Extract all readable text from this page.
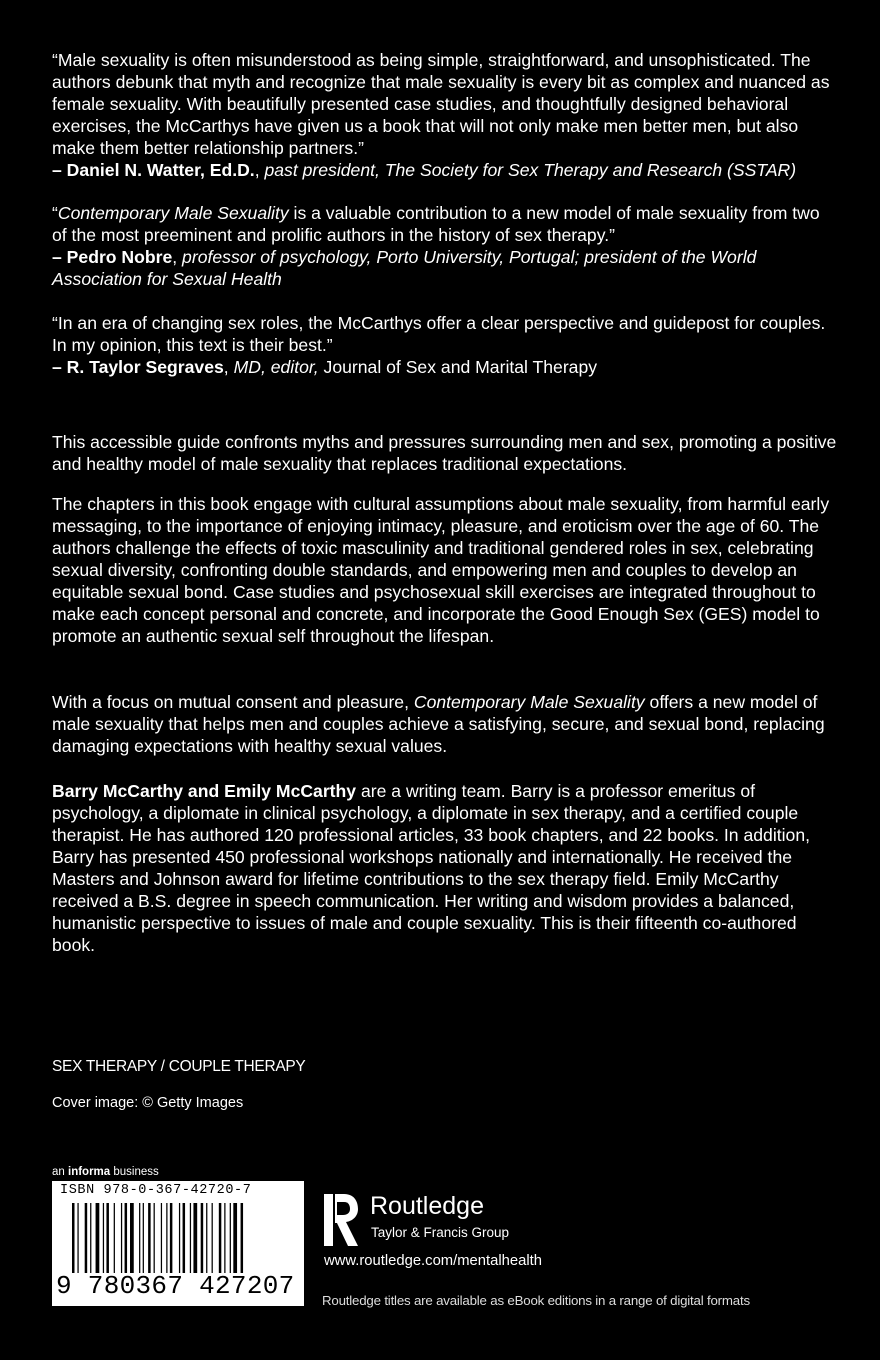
“Male sexuality is often misunderstood as being simple, straightforward, and unsophisticated. The authors debunk that myth and recognize that male sexuality is every bit as complex and nuanced as female sexuality. With beautifully presented case studies, and thoughtfully designed behavioral exercises, the McCarthys have given us a book that will not only make men better men, but also make them better relationship partners.”

– Daniel N. Watter, Ed.D., past president, The Society for Sex Therapy and Research (SSTAR)

“Contemporary Male Sexuality is a valuable contribution to a new model of male sexuality from two of the most preeminent and prolific authors in the history of sex therapy.”

– Pedro Nobre, professor of psychology, Porto University, Portugal; president of the World Association for Sexual Health

“In an era of changing sex roles, the McCarthys offer a clear perspective and guidepost for couples. In my opinion, this text is their best.”

– R. Taylor Segraves, MD, editor, Journal of Sex and Marital Therapy

This accessible guide confronts myths and pressures surrounding men and sex, promoting a positive and healthy model of male sexuality that replaces traditional expectations.

The chapters in this book engage with cultural assumptions about male sexuality, from harmful early messaging, to the importance of enjoying intimacy, pleasure, and eroticism over the age of 60. The authors challenge the effects of toxic masculinity and traditional gendered roles in sex, celebrating sexual diversity, confronting double standards, and empowering men and couples to develop an equitable sexual bond. Case studies and psychosexual skill exercises are integrated throughout to make each concept personal and concrete, and incorporate the Good Enough Sex (GES) model to promote an authentic sexual self throughout the lifespan.

With a focus on mutual consent and pleasure, Contemporary Male Sexuality offers a new model of male sexuality that helps men and couples achieve a satisfying, secure, and sexual bond, replacing damaging expectations with healthy sexual values.

Barry McCarthy and Emily McCarthy are a writing team. Barry is a professor emeritus of psychology, a diplomate in clinical psychology, a diplomate in sex therapy, and a certified couple therapist. He has authored 120 professional articles, 33 book chapters, and 22 books. In addition, Barry has presented 450 professional workshops nationally and internationally. He received the Masters and Johnson award for lifetime contributions to the sex therapy field. Emily McCarthy received a B.S. degree in speech communication. Her writing and wisdom provides a balanced, humanistic perspective to issues of male and couple sexuality. This is their fifteenth co-authored book.

SEX THERAPY / COUPLE THERAPY
Cover image: © Getty Images
an informa business
ISBN 978-0-367-42720-7
9 780367 427207
Routledge
Taylor & Francis Group
www.routledge.com/mentalhealth
Routledge titles are available as eBook editions in a range of digital formats
